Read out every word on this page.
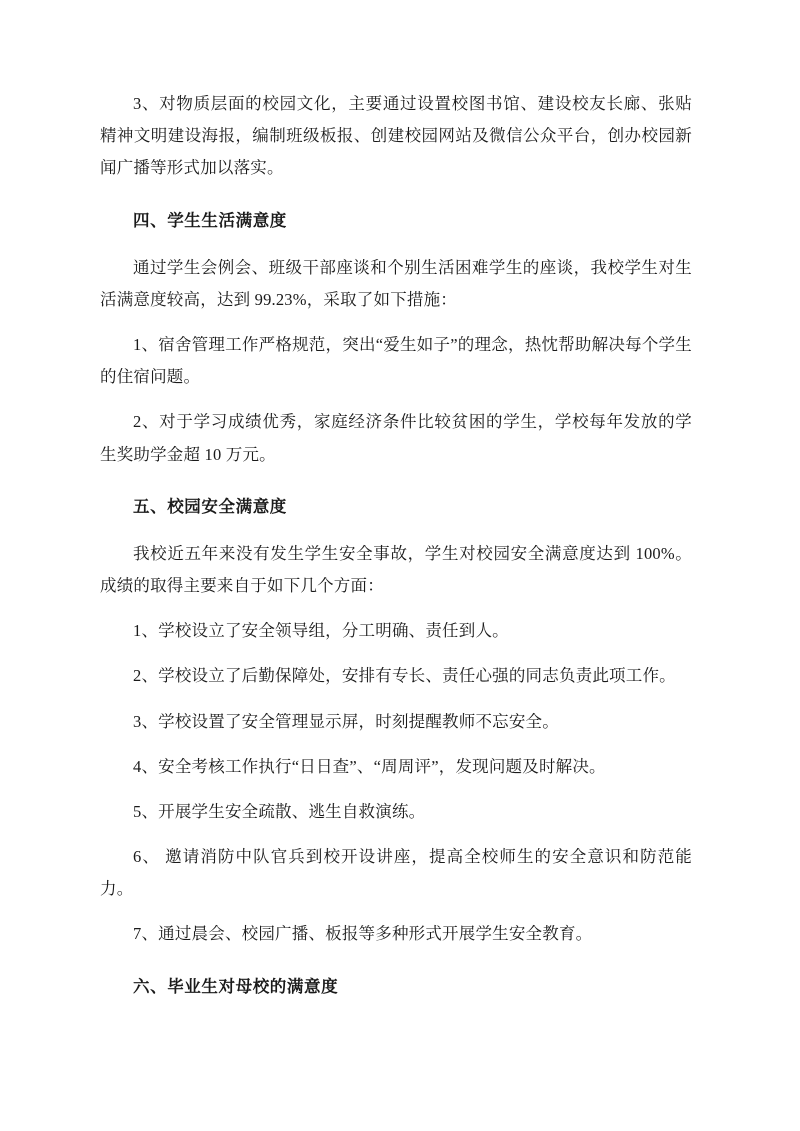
3、对物质层面的校园文化，主要通过设置校图书馆、建设校友长廊、张贴精神文明建设海报，编制班级板报、创建校园网站及微信公众平台，创办校园新闻广播等形式加以落实。

四、学生生活满意度

通过学生会例会、班级干部座谈和个别生活困难学生的座谈，我校学生对生活满意度较高，达到 99.23%，采取了如下措施：

1、宿舍管理工作严格规范，突出“爱生如子”的理念，热忱帮助解决每个学生的住宿问题。

2、对于学习成绩优秀，家庭经济条件比较贫困的学生，学校每年发放的学生奖助学金超 10 万元。

五、校园安全满意度

我校近五年来没有发生学生安全事故，学生对校园安全满意度达到 100%。成绩的取得主要来自于如下几个方面：

1、学校设立了安全领导组，分工明确、责任到人。

2、学校设立了后勤保障处，安排有专长、责任心强的同志负责此项工作。

3、学校设置了安全管理显示屏，时刻提醒教师不忘安全。

4、安全考核工作执行“日日查”、“周周评”，发现问题及时解决。

5、开展学生安全疏散、逃生自救演练。

6、 邀请消防中队官兵到校开设讲座，提高全校师生的安全意识和防范能力。

7、通过晨会、校园广播、板报等多种形式开展学生安全教育。

六、毕业生对母校的满意度
